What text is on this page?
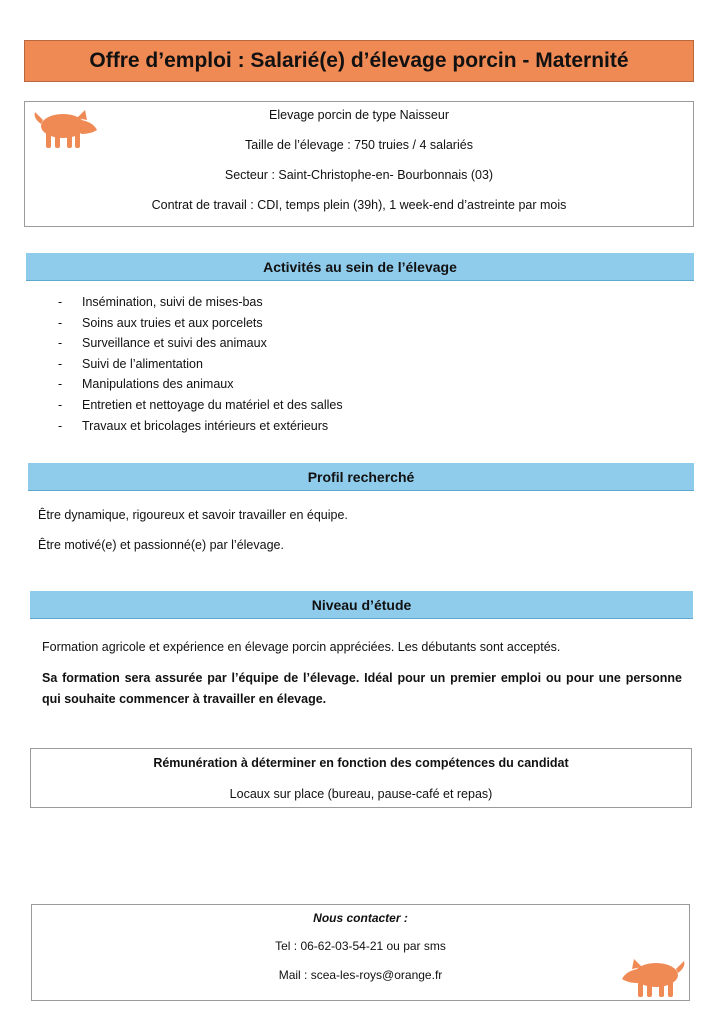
Offre d’emploi : Salarié(e) d’élevage porcin - Maternité
Elevage porcin de type Naisseur
Taille de l’élevage : 750 truies / 4 salariés
Secteur : Saint-Christophe-en- Bourbonnais (03)
Contrat de travail : CDI, temps plein (39h), 1 week-end d’astreinte par mois
Activités au sein de l’élevage
- Insémination, suivi de mises-bas
- Soins aux truies et aux porcelets
- Surveillance et suivi des animaux
- Suivi de l’alimentation
- Manipulations des animaux
- Entretien et nettoyage du matériel et des salles
- Travaux et bricolages intérieurs et extérieurs
Profil recherché
Être dynamique, rigoureux et savoir travailler en équipe.
Être motivé(e) et passionné(e) par l’élevage.
Niveau d’étude
Formation agricole et expérience en élevage porcin appréciées. Les débutants sont acceptés.
Sa formation sera assurée par l’équipe de l’élevage. Idéal pour un premier emploi ou pour une personne qui souhaite commencer à travailler en élevage.
Rémunération à déterminer en fonction des compétences du candidat
Locaux sur place (bureau, pause-café et repas)
Nous contacter :
Tel : 06-62-03-54-21 ou par sms
Mail : scea-les-roys@orange.fr
